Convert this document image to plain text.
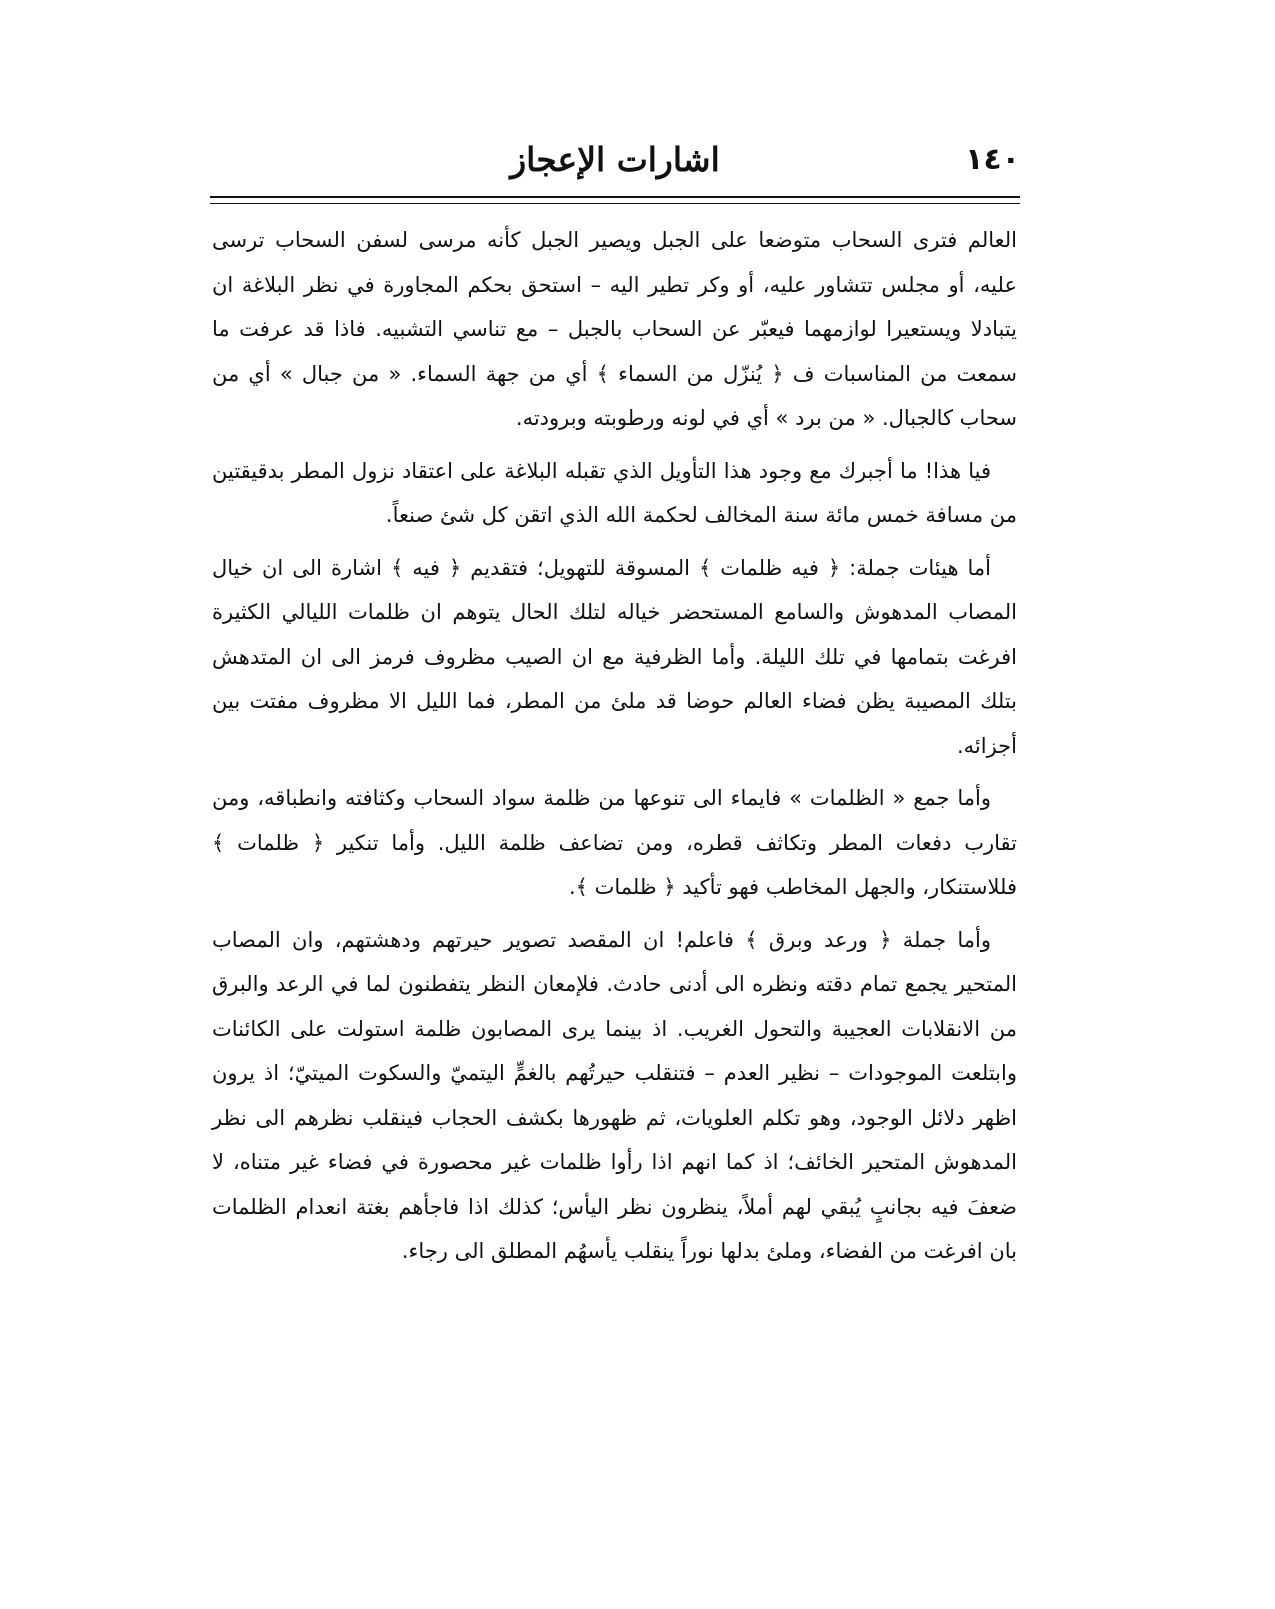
١٤٠
اشارات الإعجاز

العالم فترى السحاب متوضعا على الجبل ويصير الجبل كأنه مرسى لسفن السحاب ترسى عليه، أو مجلس تتشاور عليه، أو وكر تطير اليه – استحق بحكم المجاورة في نظر البلاغة ان يتبادلا ويستعيرا لوازمهما فيعبّر عن السحاب بالجبل – مع تناسي التشبيه. فاذا قد عرفت ما سمعت من المناسبات ف ﴿ يُنزّل من السماء ﴾ أي من جهة السماء. « من جبال » أي من سحاب كالجبال. « من برد » أي في لونه ورطوبته وبرودته.

فيا هذا! ما أجبرك مع وجود هذا التأويل الذي تقبله البلاغة على اعتقاد نزول المطر بدقيقتين من مسافة خمس مائة سنة المخالف لحكمة الله الذي اتقن كل شئ صنعاً.

أما هيئات جملة: ﴿ فيه ظلمات ﴾ المسوقة للتهويل؛ فتقديم ﴿ فيه ﴾ اشارة الى ان خيال المصاب المدهوش والسامع المستحضر خياله لتلك الحال يتوهم ان ظلمات الليالي الكثيرة افرغت بتمامها في تلك الليلة. وأما الظرفية مع ان الصيب مظروف فرمز الى ان المتدهش بتلك المصيبة يظن فضاء العالم حوضا قد ملئ من المطر، فما الليل الا مظروف مفتت بين أجزائه.

وأما جمع « الظلمات » فايماء الى تنوعها من ظلمة سواد السحاب وكثافته وانطباقه، ومن تقارب دفعات المطر وتكاثف قطره، ومن تضاعف ظلمة الليل. وأما تنكير ﴿ ظلمات ﴾ فللاستنكار، والجهل المخاطب فهو تأكيد ﴿ ظلمات ﴾.

وأما جملة ﴿ ورعد وبرق ﴾ فاعلم! ان المقصد تصوير حيرتهم ودهشتهم، وان المصاب المتحير يجمع تمام دقته ونظره الى أدنى حادث. فلإمعان النظر يتفطنون لما في الرعد والبرق من الانقلابات العجيبة والتحول الغريب. اذ بينما يرى المصابون ظلمة استولت على الكائنات وابتلعت الموجودات – نظير العدم – فتنقلب حيرتُهم بالغمٍّ اليتميّ والسكوت الميتيّ؛ اذ يرون اظهر دلائل الوجود، وهو تكلم العلويات، ثم ظهورها بكشف الحجاب فينقلب نظرهم الى نظر المدهوش المتحير الخائف؛ اذ كما انهم اذا رأوا ظلمات غير محصورة في فضاء غير متناه، لا ضعفَ فيه بجانبٍ يُبقي لهم أملاً، ينظرون نظر اليأس؛ كذلك اذا فاجأهم بغتة انعدام الظلمات بان افرغت من الفضاء، وملئ بدلها نوراً ينقلب يأسهُم المطلق الى رجاء.
